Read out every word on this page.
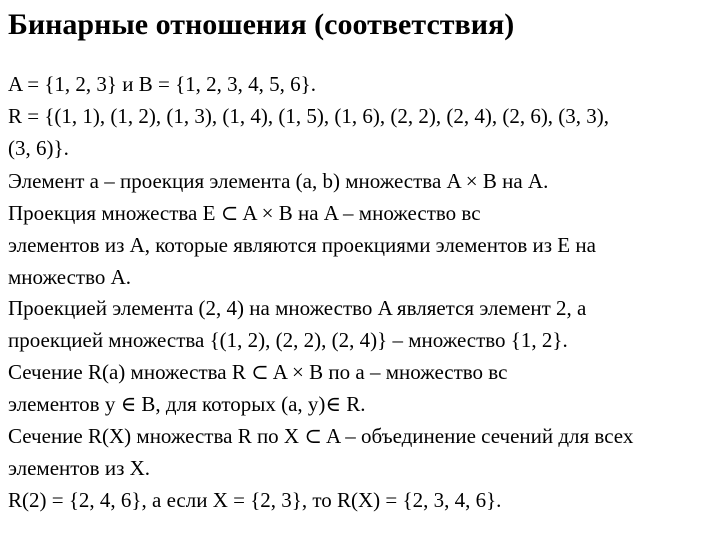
Бинарные отношения (соответствия)
A = {1, 2, 3} и B = {1, 2, 3, 4, 5, 6}.
R = {(1, 1), (1, 2), (1, 3), (1, 4), (1, 5), (1, 6), (2, 2), (2, 4), (2, 6), (3, 3),
(3, 6)}.
Элемент a – проекция элемента (a, b) множества A × B на A.
Проекция множества E ⊂ A × B на A – множество вс
элементов из A, которые являются проекциями элементов из E на
множество A.
Проекцией элемента (2, 4) на множество A является элемент 2, а
проекцией множества {(1, 2), (2, 2), (2, 4)} – множество {1, 2}.
Сечение R(a) множества R ⊂ A × B по a – множество вс
элементов y ∈ B, для которых (a, y)∈ R.
Сечение R(X) множества R по X ⊂ A – объединение сечений для всех
элементов из X.
R(2) = {2, 4, 6}, а если X = {2, 3}, то R(X) = {2, 3, 4, 6}.
